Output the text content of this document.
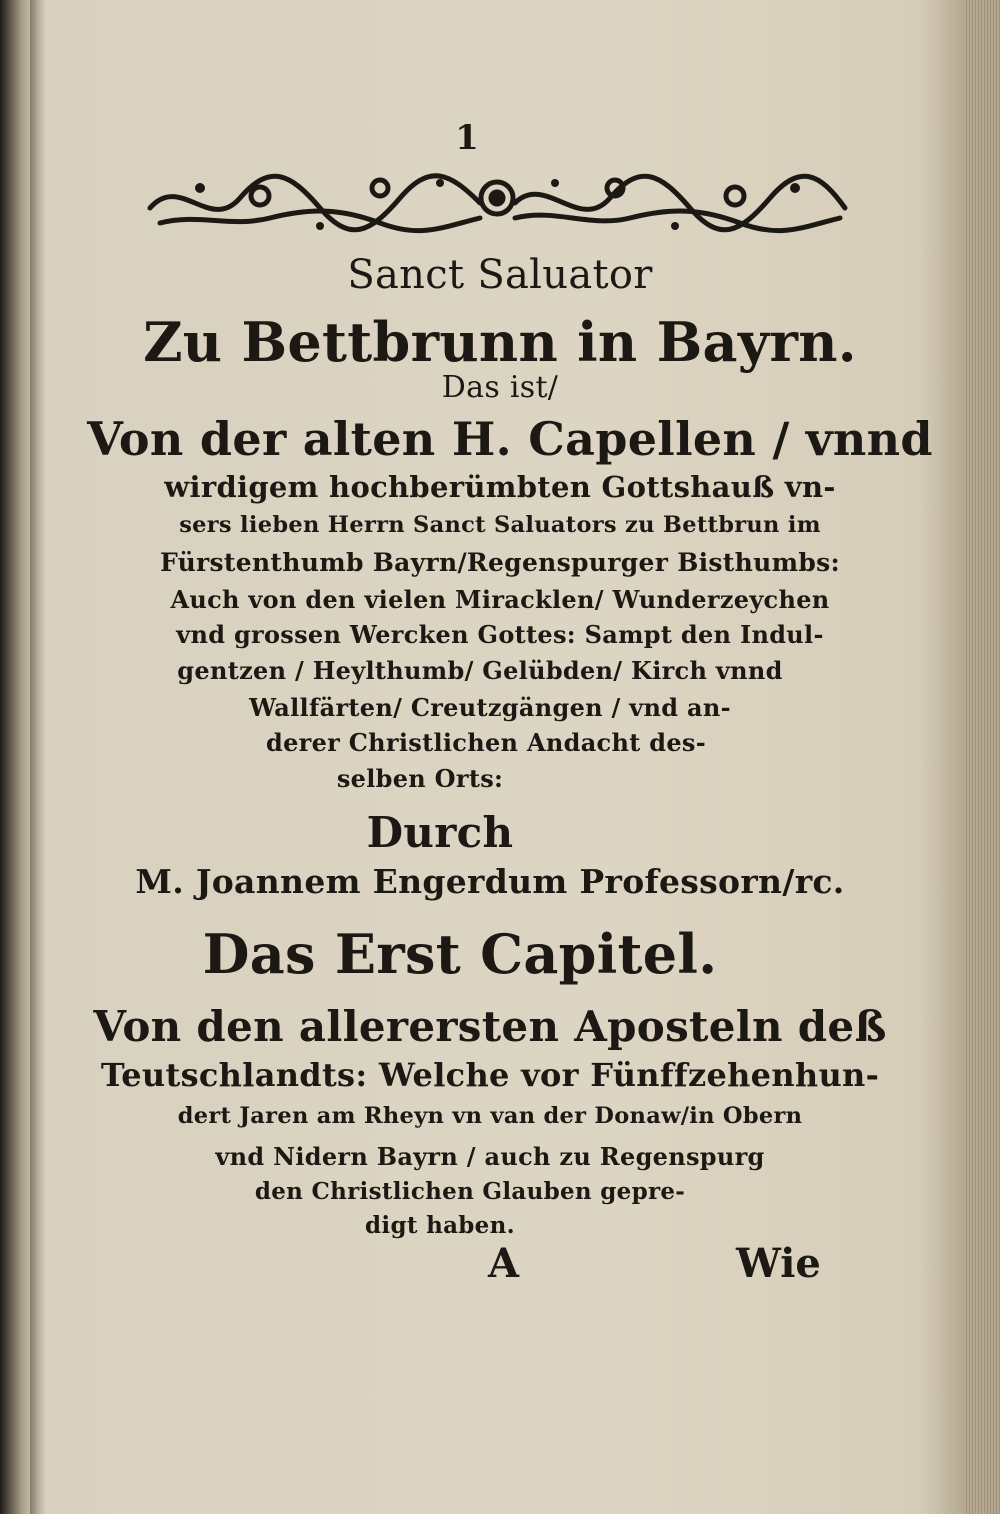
1
Sanct Saluator
Zu Bettbrunn in Bayrn.
Das ist/
Von der alten H. Capellen / vnnd
wirdigem hochberümbten Gottshauß vn-
sers lieben Herrn Sanct Saluators zu Bettbrun im
Fürstenthumb Bayrn/Regenspurger Bisthumbs:
Auch von den vielen Miracklen/ Wunderzeychen
vnd grossen Wercken Gottes: Sampt den Indul-
gentzen / Heylthumb/ Gelübden/ Kirch vnnd
Wallfärten/ Creutzgängen / vnd an-
derer Christlichen Andacht des-
selben Orts:
Durch
M. Joannem Engerdum Professorn/rc.
Das Erst Capitel.
Von den allerersten Aposteln deß
Teutschlandts: Welche vor Fünffzehenhun-
dert Jaren am Rheyn vn van der Donaw/in Obern
vnd Nidern Bayrn / auch zu Regenspurg
den Christlichen Glauben gepre-
digt haben.
A	Wie
